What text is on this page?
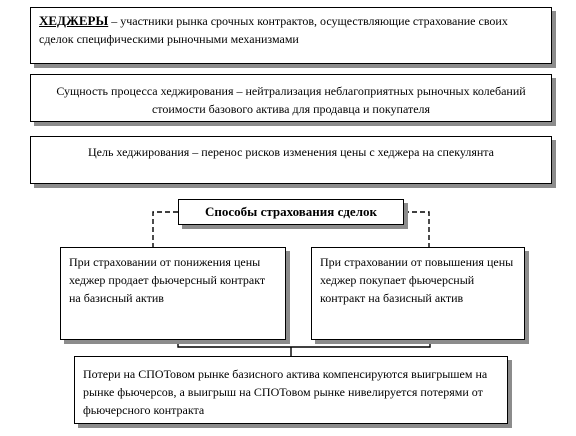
ХЕДЖЕРЫ – участники рынка срочных контрактов, осуществляющие страхование своих сделок специфическими рыночными механизмами
Сущность процесса хеджирования – нейтрализация неблагоприятных рыночных колебаний стоимости базового актива для продавца и покупателя
Цель хеджирования – перенос рисков изменения цены с хеджера на спекулянта
Способы страхования сделок
При страховании от понижения цены хеджер продает фьючерсный контракт на базисный актив
При страховании от повышения цены хеджер покупает фьючерсный контракт на базисный актив
Потери на СПОТовом рынке базисного актива компенсируются выигрышем на рынке фьючерсов, а выигрыш на СПОТовом рынке нивелируется потерями от фьючерсного контракта
